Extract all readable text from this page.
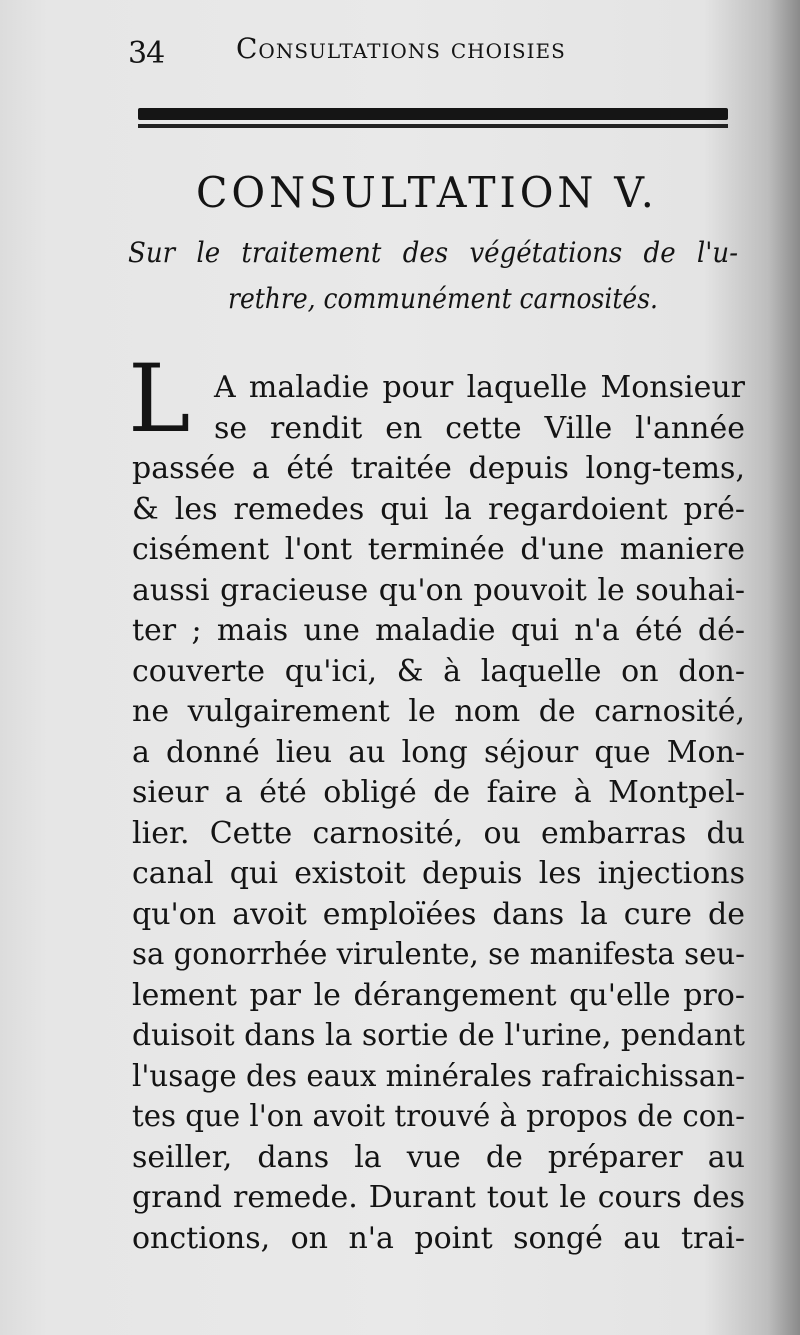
34	Consultations choisies
CONSULTATION V.
Sur le traitement des végétations de l'u-
rethre, communément carnosités.
L A maladie pour laquelle Monsieur
se rendit en cette Ville l'année
passée a été traitée depuis long-tems,
& les remedes qui la regardoient pré-
cisément l'ont terminée d'une maniere
aussi gracieuse qu'on pouvoit le souhai-
ter ; mais une maladie qui n'a été dé-
couverte qu'ici, & à laquelle on don-
ne vulgairement le nom de carnosité,
a donné lieu au long séjour que Mon-
sieur a été obligé de faire à Montpel-
lier. Cette carnosité, ou embarras du
canal qui existoit depuis les injections
qu'on avoit emploïées dans la cure de
sa gonorrhée virulente, se manifesta seu-
lement par le dérangement qu'elle pro-
duisoit dans la sortie de l'urine, pendant
l'usage des eaux minérales rafraichissan-
tes que l'on avoit trouvé à propos de con-
seiller, dans la vue de préparer au
grand remede. Durant tout le cours des
onctions, on n'a point songé au trai-
